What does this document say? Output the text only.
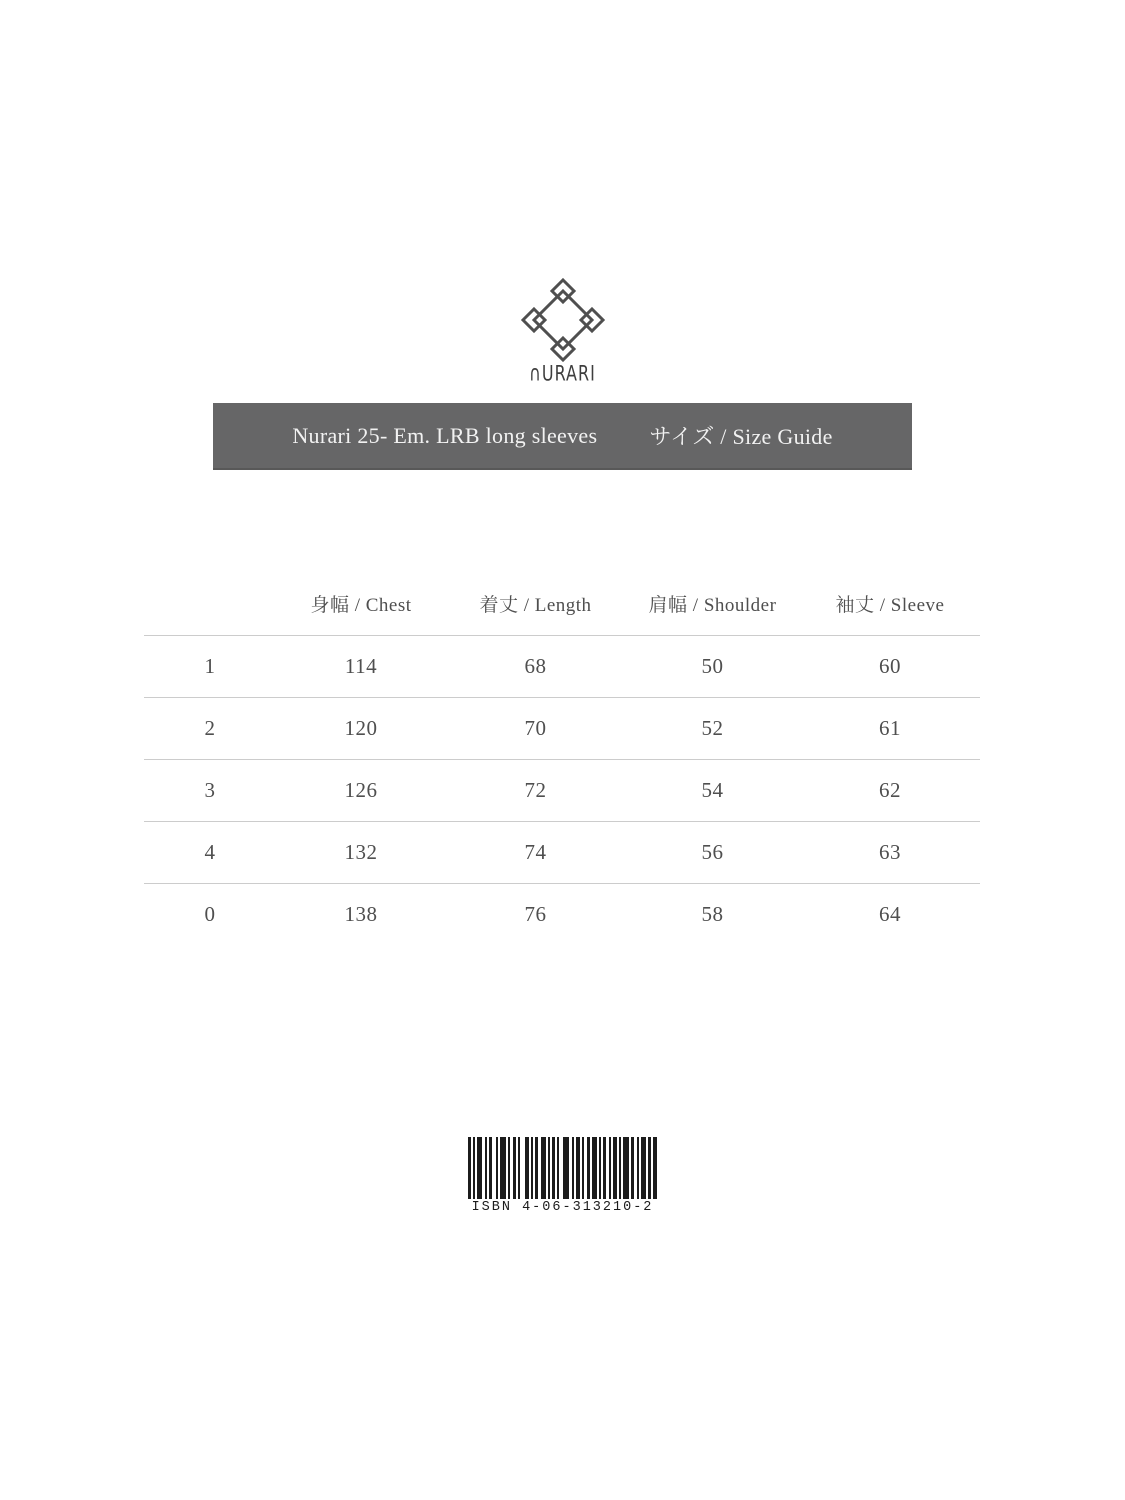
∩URARI
Nurari 25- Em. LRB long sleeves サイズ / Size Guide
	身幅 / Chest	着丈 / Length	肩幅 / Shoulder	袖丈 / Sleeve
1	114	68	50	60
2	120	70	52	61
3	126	72	54	62
4	132	74	56	63
0	138	76	58	64
ISBN 4-06-313210-2
